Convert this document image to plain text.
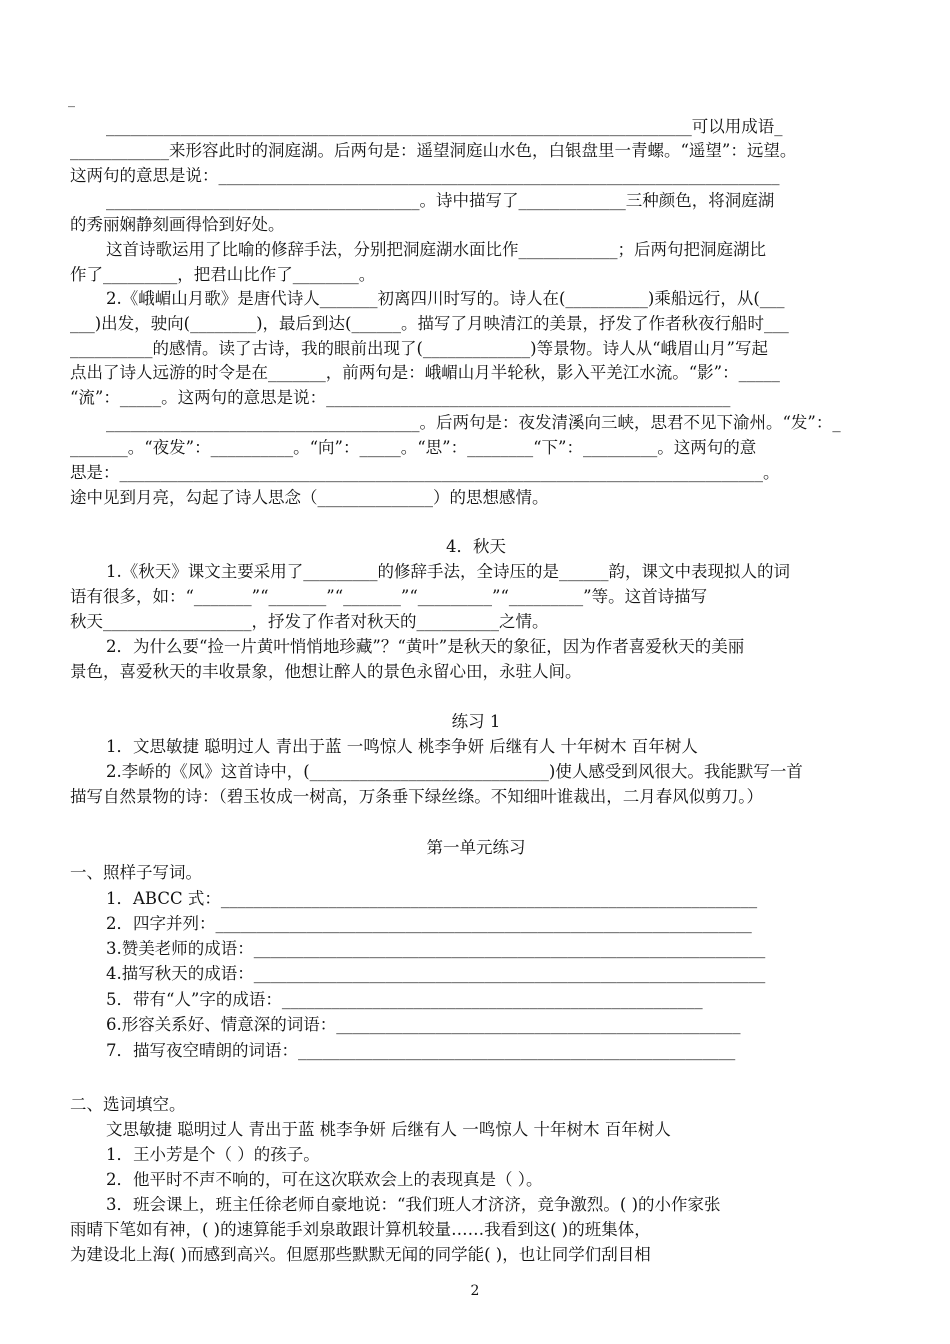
_
_______________________________________________________________________可以用成语_
____________来形容此时的洞庭湖。后两句是：遥望洞庭山水色，白银盘里一青螺。“遥望”：远望。
这两句的意思是说：____________________________________________________________________
______________________________________。诗中描写了_____________三种颜色，将洞庭湖
的秀丽娴静刻画得恰到好处。
这首诗歌运用了比喻的修辞手法，分别把洞庭湖水面比作____________；后两句把洞庭湖比
作了_________，把君山比作了________。
2.《峨嵋山月歌》是唐代诗人_______初离四川时写的。诗人在(__________)乘船远行，从(___
___)出发，驶向(________)，最后到达(______。描写了月映清江的美景，抒发了作者秋夜行船时___
__________的感情。读了古诗，我的眼前出现了(_____________)等景物。诗人从“峨眉山月”写起
点出了诗人远游的时令是在_______，前两句是：峨嵋山月半轮秋，影入平羌江水流。“影”：_____
“流”：_____。这两句的意思是说：_________________________________________________
______________________________________。后两句是：夜发清溪向三峡，思君不见下渝州。“发”：_
_______。“夜发”：__________。“向”：_____。“思”：________“下”：_________。这两句的意
思是：______________________________________________________________________________。
途中见到月亮，勾起了诗人思念（______________）的思想感情。
4．秋天
1.《秋天》课文主要采用了_________的修辞手法，全诗压的是______韵，课文中表现拟人的词
语有很多，如：“_______”“_______”“_______”“_________”“_________”等。这首诗描写
秋天__________________，抒发了作者对秋天的__________之情。
2．为什么要“捡一片黄叶悄悄地珍藏”？“黄叶”是秋天的象征，因为作者喜爱秋天的美丽
景色，喜爱秋天的丰收景象，他想让醉人的景色永留心田，永驻人间。
练习 1
1．文思敏捷 聪明过人 青出于蓝 一鸣惊人 桃李争妍 后继有人 十年树木 百年树人
2.李峤的《风》这首诗中，(_____________________________)使人感受到风很大。我能默写一首
描写自然景物的诗：（碧玉妆成一树高，万条垂下绿丝绦。不知细叶谁裁出，二月春风似剪刀。）
第一单元练习
一、照样子写词。
1．ABCC 式：_________________________________________________________________
2．四字并列：_________________________________________________________________
3.赞美老师的成语：______________________________________________________________
4.描写秋天的成语：______________________________________________________________
5．带有“人”字的成语：___________________________________________________
6.形容关系好、情意深的词语：_________________________________________________
7．描写夜空晴朗的词语：_____________________________________________________
二、选词填空。
文思敏捷 聪明过人 青出于蓝 桃李争妍 后继有人 一鸣惊人 十年树木 百年树人
1．王小芳是个（ ）的孩子。
2．他平时不声不响的，可在这次联欢会上的表现真是（ ）。
3．班会课上，班主任徐老师自豪地说：“我们班人才济济，竞争激烈。( )的小作家张
雨晴下笔如有神，( )的速算能手刘泉敢跟计算机较量……我看到这( )的班集体，
为建设北上海( )而感到高兴。但愿那些默默无闻的同学能( )，也让同学们刮目相
2
